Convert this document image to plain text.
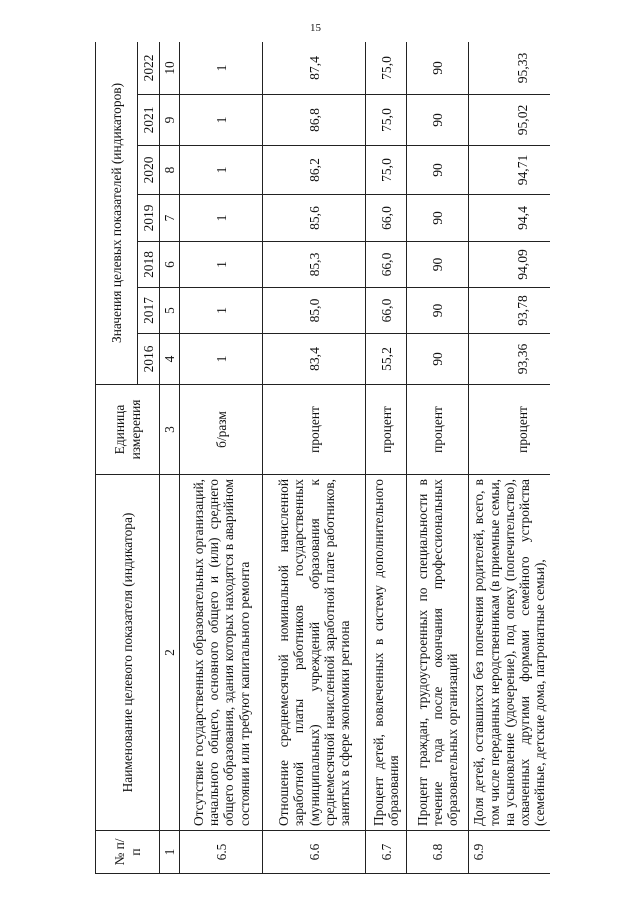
15
№ п/п	Наименование целевого показателя (индикатора)	Единица измерения	Значения целевых показателей (индикаторов)						
			2016	2017	2018	2019	2020	2021	2022
1	2	3	4	5	6	7	8	9	10
6.5	Отсутствие государственных образовательных организаций, начального общего, основного общего и (или) среднего общего образования, здания которых находятся в аварийном состоянии или требуют капитального ремонта	б/разм	1	1	1	1	1	1	1
6.6	Отношение среднемесячной номинальной начисленной заработной платы работников государственных (муниципальных) учреждений образования к среднемесячной начисленной заработной плате работников, занятых в сфере экономики региона	процент	83,4	85,0	85,3	85,6	86,2	86,8	87,4
6.7	Процент детей, вовлеченных в систему дополнительного образования	процент	55,2	66,0	66,0	66,0	75,0	75,0	75,0
6.8	Процент граждан, трудоустроенных по специальности в течение года после окончания профессиональных образовательных организаций	процент	90	90	90	90	90	90	90
6.9	Доля детей, оставшихся без попечения родителей, всего, в том числе переданных неродственникам (в приемные семьи, на усыновление (удочерение), под опеку (попечительство), охваченных другими формами семейного устройства (семейные, детские дома, патронатные семьи),	процент	93,36	93,78	94,09	94,4	94,71	95,02	95,33
